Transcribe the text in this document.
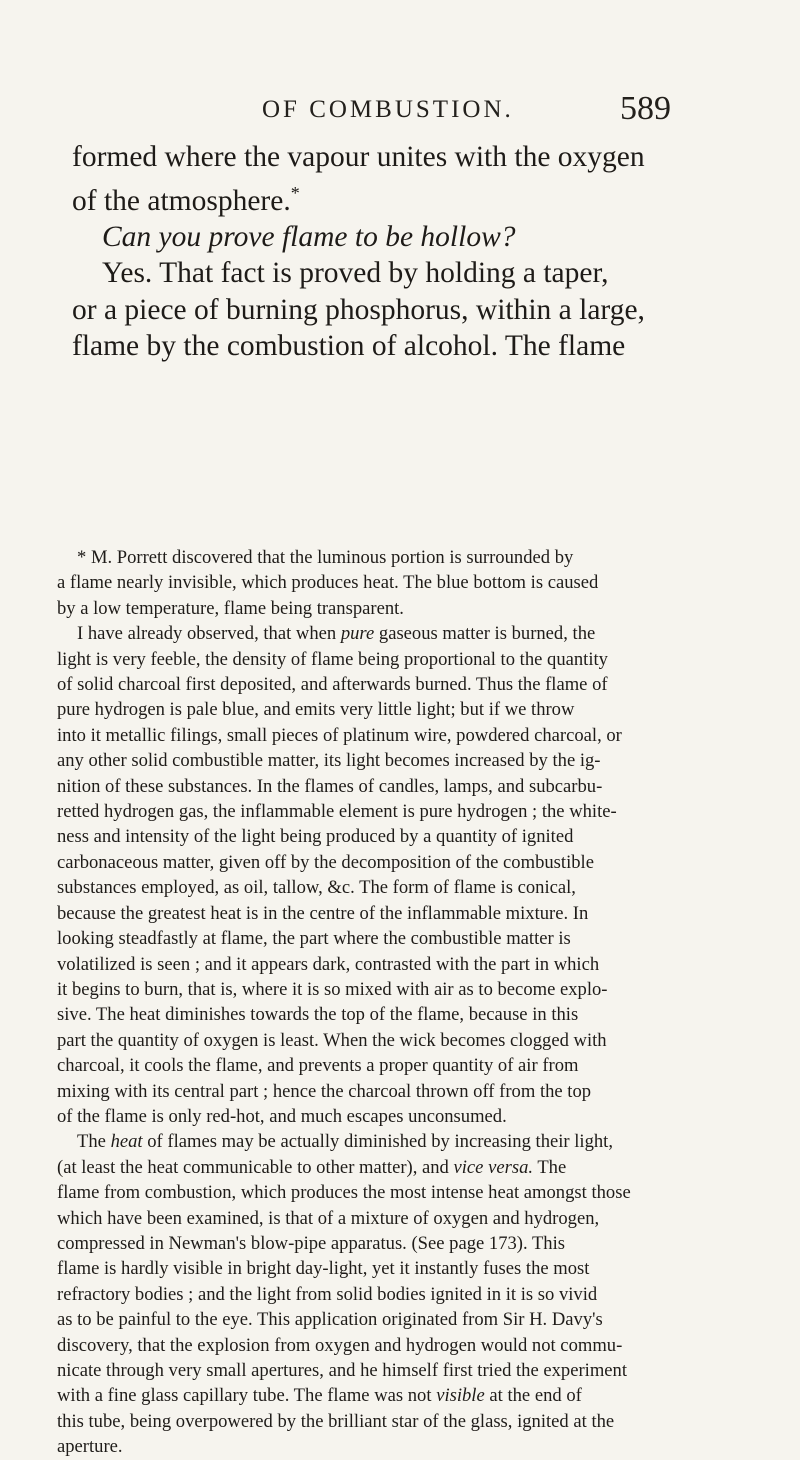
OF COMBUSTION.	589
formed where the vapour unites with the oxygen
of the atmosphere.*
Can you prove flame to be hollow?
Yes. That fact is proved by holding a taper,
or a piece of burning phosphorus, within a large,
flame by the combustion of alcohol. The flame
* M. Porrett discovered that the luminous portion is surrounded by
a flame nearly invisible, which produces heat. The blue bottom is caused
by a low temperature, flame being transparent.
I have already observed, that when pure gaseous matter is burned, the
light is very feeble, the density of flame being proportional to the quantity
of solid charcoal first deposited, and afterwards burned. Thus the flame of
pure hydrogen is pale blue, and emits very little light; but if we throw
into it metallic filings, small pieces of platinum wire, powdered charcoal, or
any other solid combustible matter, its light becomes increased by the ig-
nition of these substances. In the flames of candles, lamps, and subcarbu-
retted hydrogen gas, the inflammable element is pure hydrogen ; the white-
ness and intensity of the light being produced by a quantity of ignited
carbonaceous matter, given off by the decomposition of the combustible
substances employed, as oil, tallow, &c. The form of flame is conical,
because the greatest heat is in the centre of the inflammable mixture. In
looking steadfastly at flame, the part where the combustible matter is
volatilized is seen ; and it appears dark, contrasted with the part in which
it begins to burn, that is, where it is so mixed with air as to become explo-
sive. The heat diminishes towards the top of the flame, because in this
part the quantity of oxygen is least. When the wick becomes clogged with
charcoal, it cools the flame, and prevents a proper quantity of air from
mixing with its central part ; hence the charcoal thrown off from the top
of the flame is only red-hot, and much escapes unconsumed.
The heat of flames may be actually diminished by increasing their light,
(at least the heat communicable to other matter), and vice versa. The
flame from combustion, which produces the most intense heat amongst those
which have been examined, is that of a mixture of oxygen and hydrogen,
compressed in Newman's blow-pipe apparatus. (See page 173). This
flame is hardly visible in bright day-light, yet it instantly fuses the most
refractory bodies ; and the light from solid bodies ignited in it is so vivid
as to be painful to the eye. This application originated from Sir H. Davy's
discovery, that the explosion from oxygen and hydrogen would not commu-
nicate through very small apertures, and he himself first tried the experiment
with a fine glass capillary tube. The flame was not visible at the end of
this tube, being overpowered by the brilliant star of the glass, ignited at the
aperture.
